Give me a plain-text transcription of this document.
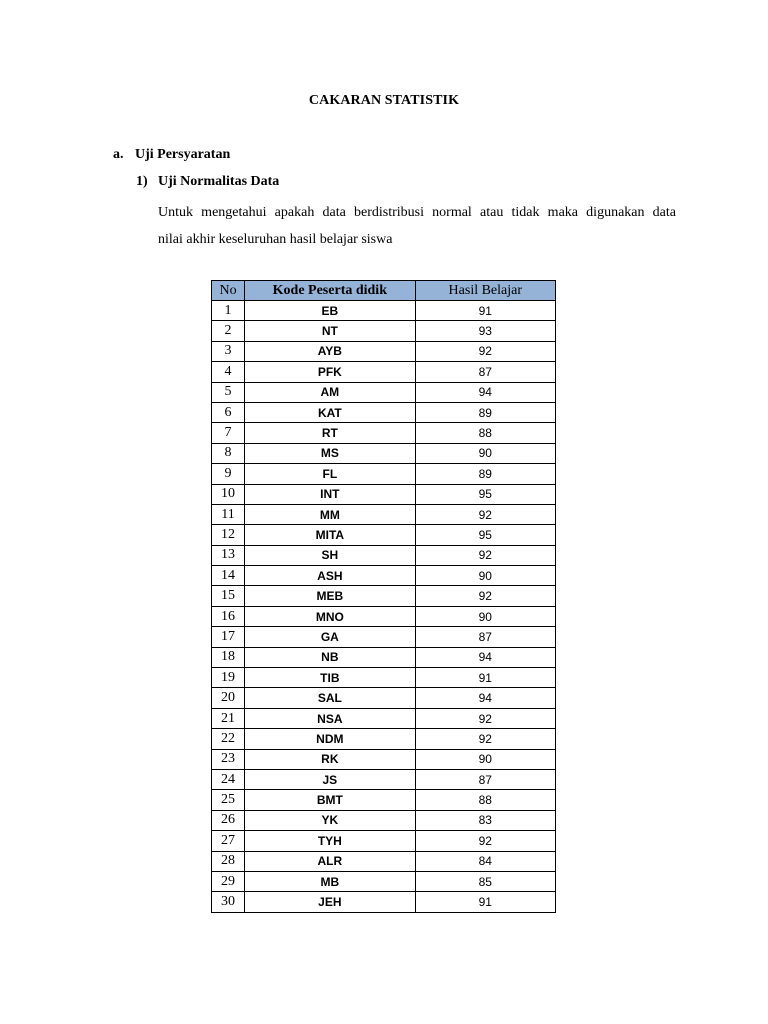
CAKARAN STATISTIK
a. Uji Persyaratan
1) Uji Normalitas Data
Untuk mengetahui apakah data berdistribusi normal atau tidak maka digunakan data
nilai akhir keseluruhan hasil belajar siswa
No	Kode Peserta didik	Hasil Belajar
1	EB	91
2	NT	93
3	AYB	92
4	PFK	87
5	AM	94
6	KAT	89
7	RT	88
8	MS	90
9	FL	89
10	INT	95
11	MM	92
12	MITA	95
13	SH	92
14	ASH	90
15	MEB	92
16	MNO	90
17	GA	87
18	NB	94
19	TIB	91
20	SAL	94
21	NSA	92
22	NDM	92
23	RK	90
24	JS	87
25	BMT	88
26	YK	83
27	TYH	92
28	ALR	84
29	MB	85
30	JEH	91
